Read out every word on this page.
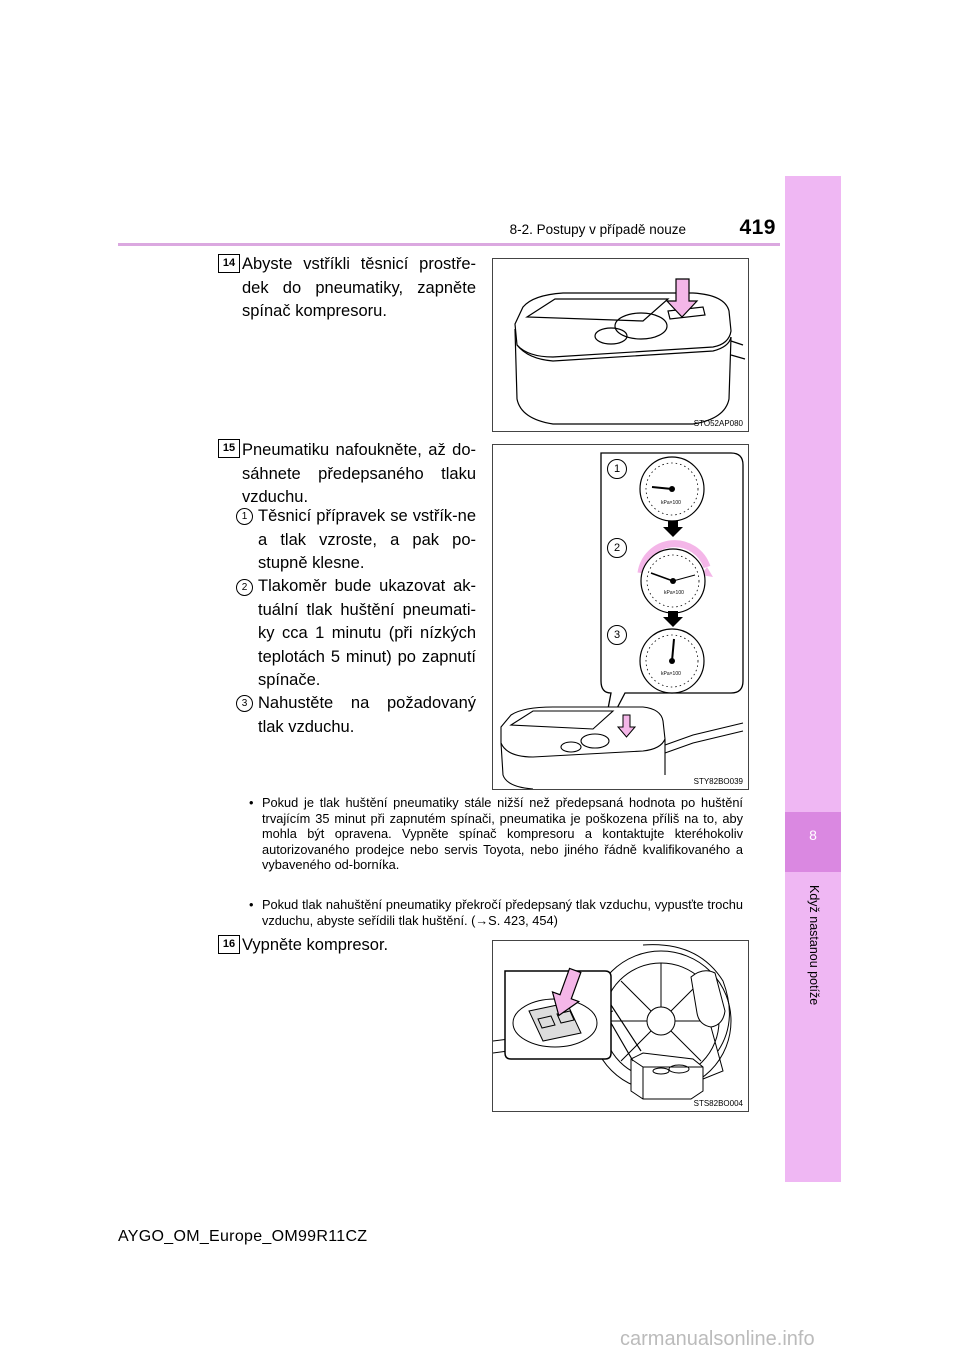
8-2. Postupy v případě nouze	419
8
Když nastanou potíže
14 Abyste vstříkli těsnicí prostře-dek do pneumatiky, zapněte spínač kompresoru.
STO52AP080
15 Pneumatiku nafoukněte, až do-sáhnete předepsaného tlaku vzduchu.
1 Těsnicí přípravek se vstřík-ne a tlak vzroste, a pak po-stupně klesne.
2 Tlakoměr bude ukazovat ak-tuální tlak huštění pneumati-ky cca 1 minutu (při nízkých teplotách 5 minut) po zapnutí spínače.
3 Nahustěte na požadovaný tlak vzduchu.
1
2
3
kPa×100
kPa×100
kPa×100
STY82BO039
• Pokud je tlak huštění pneumatiky stále nižší než předepsaná hodnota po huštění trvajícím 35 minut při zapnutém spínači, pneumatika je poškozena příliš na to, aby mohla být opravena. Vypněte spínač kompresoru a kontaktujte kteréhokoliv autorizovaného prodejce nebo servis Toyota, nebo jiného řádně kvalifikovaného a vybaveného od-borníka.
• Pokud tlak nahuštění pneumatiky překročí předepsaný tlak vzduchu, vypusťte trochu vzduchu, abyste seřídili tlak huštění. (→S. 423, 454)
16 Vypněte kompresor.
STS82BO004
AYGO_OM_Europe_OM99R11CZ
carmanualsonline.info
